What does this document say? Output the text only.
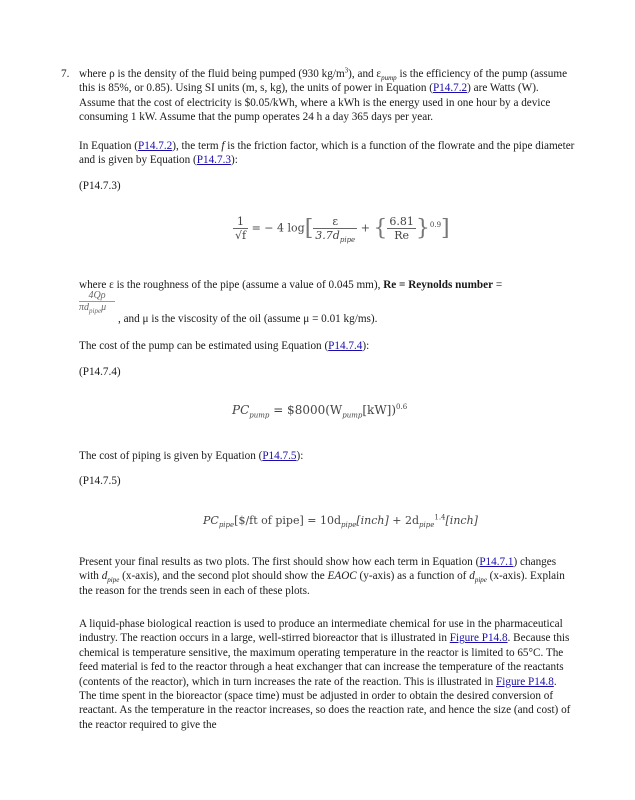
7. where ρ is the density of the fluid being pumped (930 $kg/m^3$), and $\varepsilon_{pump}$ is the efficiency of the pump (assume this is 85%, or 0.85). Using SI units (m, s, kg), the units of power in Equation (P14.7.2) are Watts (W). Assume that the cost of electricity is $0.05/kWh, where a kWh is the energy used in one hour by a device consuming 1 kW. Assume that the pump operates 24 h a day 365 days per year.

In Equation (P14.7.2), the term f is the friction factor, which is a function of the flowrate and the pipe diameter and is given by Equation (P14.7.3):

(P14.7.3)
$\frac{1}{√f}$ = − 4 $\log[ \frac{\varepsilon}{3.7d_{pipe}}$ + { $\frac{6.81}{Re} \}^{0.9}$]

where ε is the roughness of the pipe (assume a value of 0.045 mm), Re = Reynolds number =

4Qρ
$\pi d_{pipe}\mu$

, and μ is the viscosity of the oil (assume μ = 0.01 kg/ms).

The cost of the pump can be estimated using Equation (P14.7.4):

(P14.7.4)
$PC_{pump}$ = $\$8000(W_{pump}[kW])^{0.6}$

The cost of piping is given by Equation (P14.7.5):

(P14.7.5)
$PC_{pipe}[\$/ft$ of pipe] = $10d_{pipe}[inch]$ + $2d_{pipe}^{1.4}[inch]$

Present your final results as two plots. The first should show how each term in Equation (P14.7.1) changes with $d_{pipe}$ (x-axis), and the second plot should show the EAOC (y-axis) as a function of $d_{pipe}$ (x-axis). Explain the reason for the trends seen in each of these plots.

A liquid-phase biological reaction is used to produce an intermediate chemical for use in the pharmaceutical industry. The reaction occurs in a large, well-stirred bioreactor that is illustrated in Figure P14.8. Because this chemical is temperature sensitive, the maximum operating temperature in the reactor is limited to 65°C. The feed material is fed to the reactor through a heat exchanger that can increase the temperature of the reactants (contents of the reactor), which in turn increases the rate of the reaction. This is illustrated in Figure P14.8. The time spent in the bioreactor (space time) must be adjusted in order to obtain the desired conversion of reactant. As the temperature in the reactor increases, so does the reaction rate, and hence the size (and cost) of the reactor required to give the
